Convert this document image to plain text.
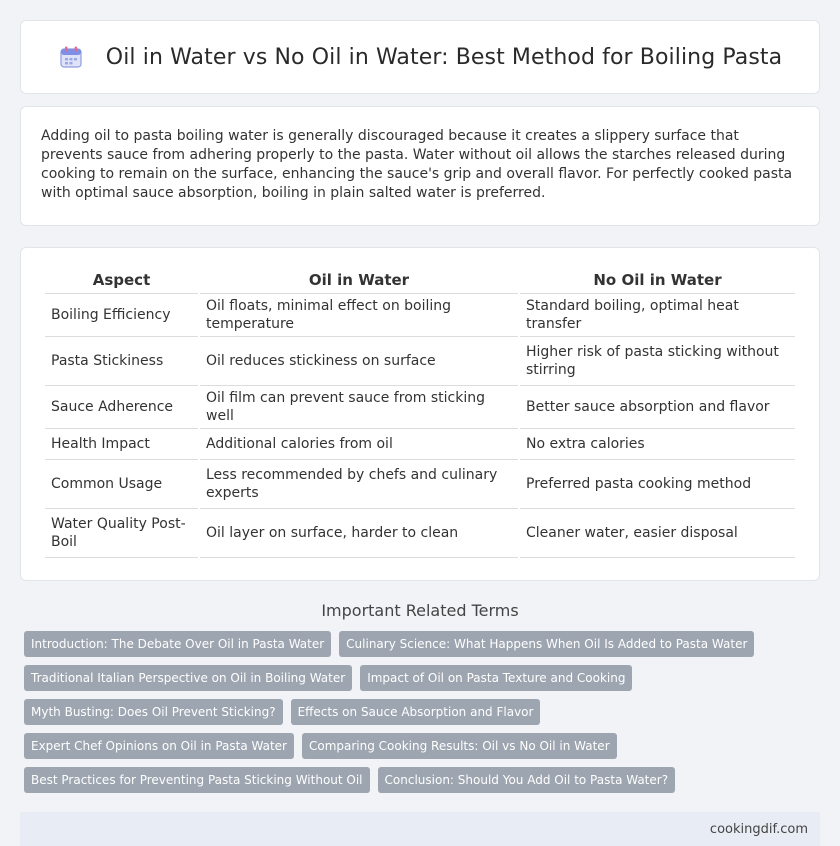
Oil in Water vs No Oil in Water: Best Method for Boiling Pasta

Adding oil to pasta boiling water is generally discouraged because it creates a slippery surface that prevents sauce from adhering properly to the pasta. Water without oil allows the starches released during cooking to remain on the surface, enhancing the sauce's grip and overall flavor. For perfectly cooked pasta with optimal sauce absorption, boiling in plain salted water is preferred.

Aspect	Oil in Water	No Oil in Water
Boiling Efficiency	Oil floats, minimal effect on boiling temperature	Standard boiling, optimal heat transfer
Pasta Stickiness	Oil reduces stickiness on surface	Higher risk of pasta sticking without stirring
Sauce Adherence	Oil film can prevent sauce from sticking well	Better sauce absorption and flavor
Health Impact	Additional calories from oil	No extra calories
Common Usage	Less recommended by chefs and culinary experts	Preferred pasta cooking method
Water Quality Post-Boil	Oil layer on surface, harder to clean	Cleaner water, easier disposal
Important Related Terms
Introduction: The Debate Over Oil in Pasta Water	Culinary Science: What Happens When Oil Is Added to Pasta Water
Traditional Italian Perspective on Oil in Boiling Water	Impact of Oil on Pasta Texture and Cooking
Myth Busting: Does Oil Prevent Sticking?	Effects on Sauce Absorption and Flavor
Expert Chef Opinions on Oil in Pasta Water	Comparing Cooking Results: Oil vs No Oil in Water
Best Practices for Preventing Pasta Sticking Without Oil	Conclusion: Should You Add Oil to Pasta Water?
cookingdif.com
